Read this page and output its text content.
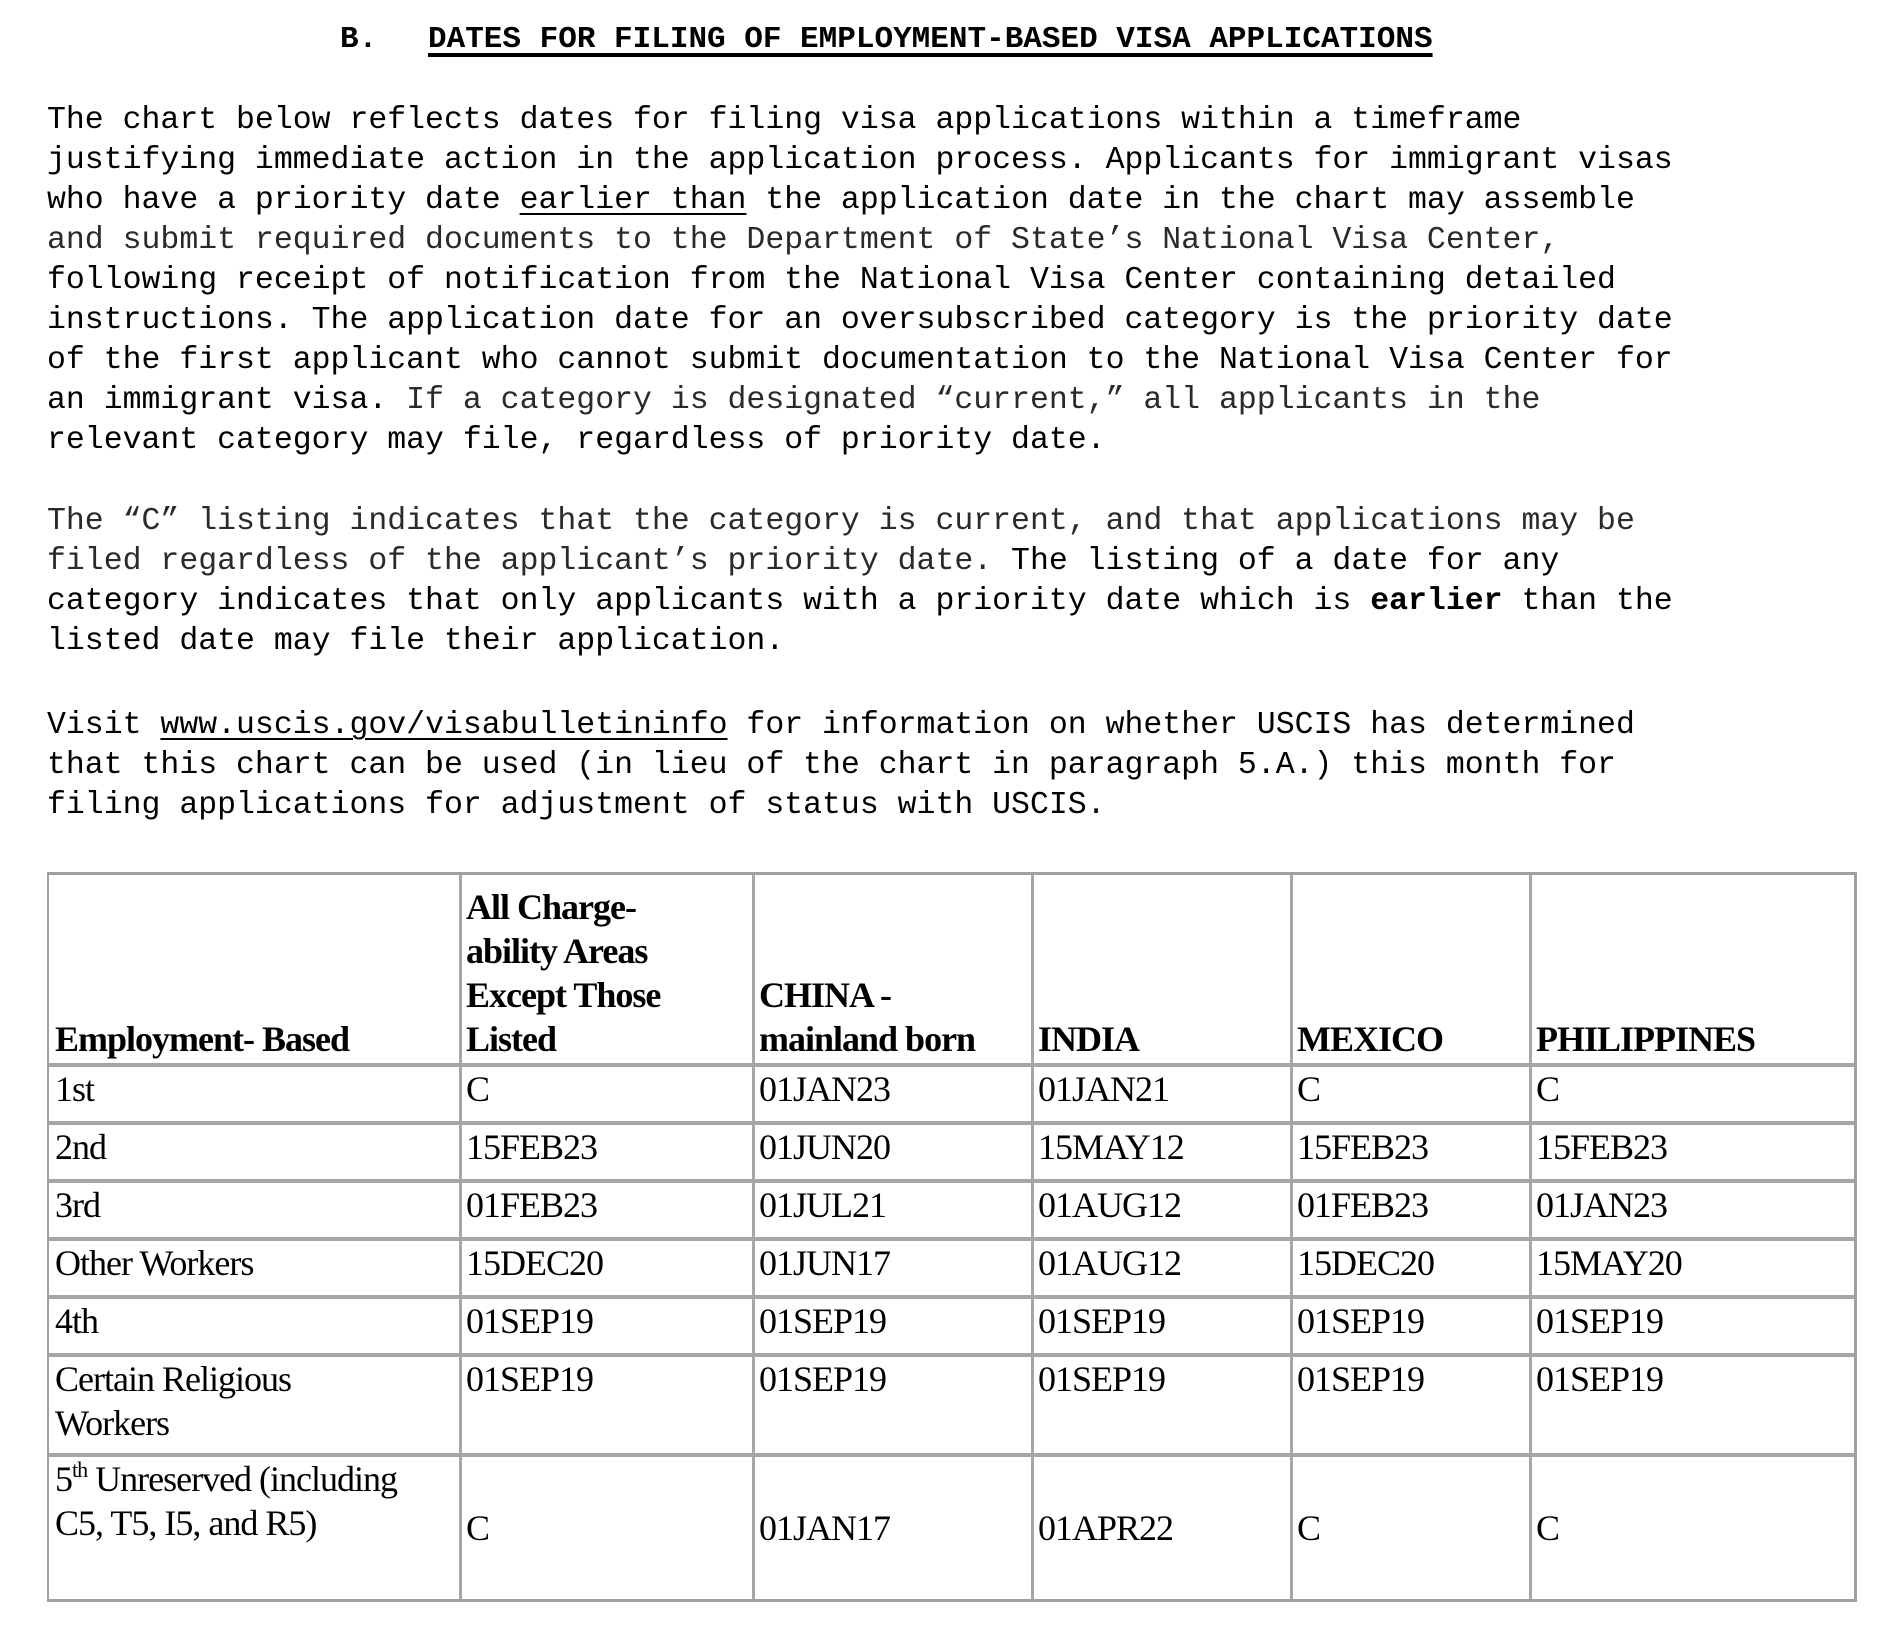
B. DATES FOR FILING OF EMPLOYMENT-BASED VISA APPLICATIONS

The chart below reflects dates for filing visa applications within a timeframe
justifying immediate action in the application process. Applicants for immigrant visas
who have a priority date earlier than the application date in the chart may assemble
and submit required documents to the Department of State’s National Visa Center,
following receipt of notification from the National Visa Center containing detailed
instructions. The application date for an oversubscribed category is the priority date
of the first applicant who cannot submit documentation to the National Visa Center for
an immigrant visa. If a category is designated “current,” all applicants in the
relevant category may file, regardless of priority date.

The “C” listing indicates that the category is current, and that applications may be
filed regardless of the applicant’s priority date. The listing of a date for any
category indicates that only applicants with a priority date which is earlier than the
listed date may file their application.

Visit www.uscis.gov/visabulletininfo for information on whether USCIS has determined
that this chart can be used (in lieu of the chart in paragraph 5.A.) this month for
filing applications for adjustment of status with USCIS.

Employment- Based	All Charge-
ability Areas
Except Those
Listed	CHINA -
mainland born	INDIA	MEXICO	PHILIPPINES

1st	C	01JAN23	01JAN21	C	C
2nd	15FEB23	01JUN20	15MAY12	15FEB23	15FEB23
3rd	01FEB23	01JUL21	01AUG12	01FEB23	01JAN23
Other Workers	15DEC20	01JUN17	01AUG12	15DEC20	15MAY20
4th	01SEP19	01SEP19	01SEP19	01SEP19	01SEP19
Certain Religious Workers	01SEP19	01SEP19	01SEP19	01SEP19	01SEP19
5th Unreserved (including C5, T5, I5, and R5)	C	01JAN17	01APR22	C	C
